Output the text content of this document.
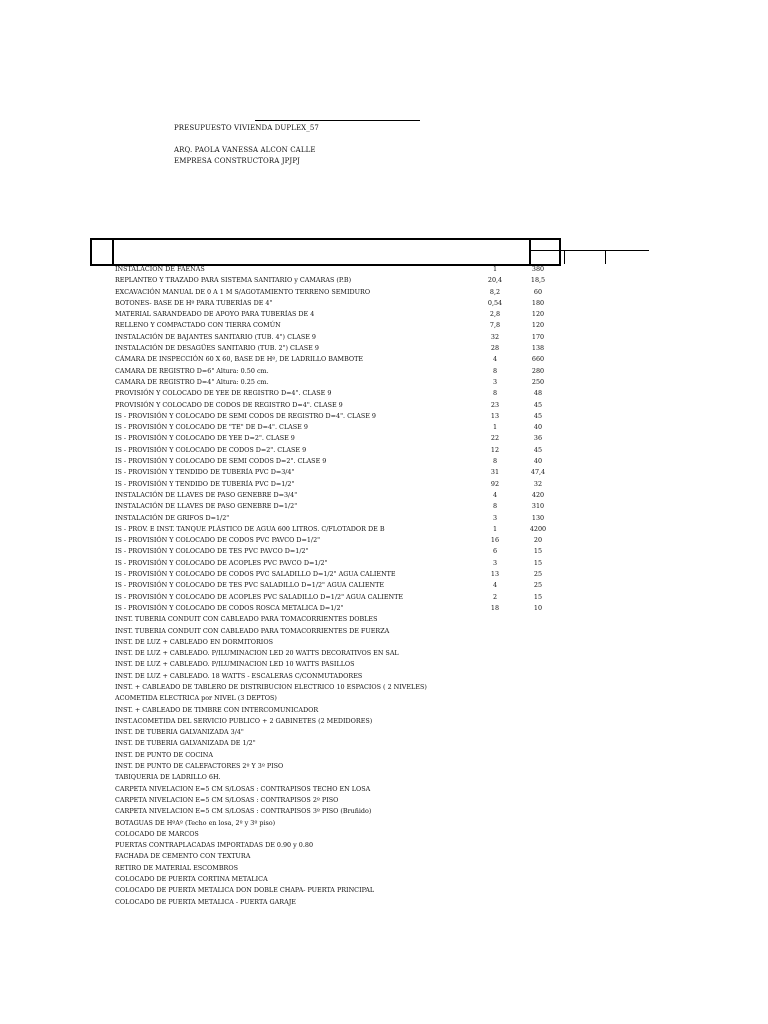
PRESUPUESTO VIVIENDA DUPLEX_57
ARQ. PAOLA VANESSA ALCON CALLE
EMPRESA CONSTRUCTORA JPJPJ
INSTALACION DE FAENAS	1	380
REPLANTEO Y TRAZADO PARA SISTEMA SANITARIO y CAMARAS (P.B)	20,4	18,5
EXCAVACIÓN MANUAL DE 0 A 1 M S/AGOTAMIENTO TERRENO SEMIDURO	8,2	60
BOTONES- BASE DE Hº PARA TUBERÍAS DE 4"	0,54	180
MATERIAL SARANDEADO DE APOYO PARA TUBERÍAS DE 4	2,8	120
RELLENO Y COMPACTADO CON TIERRA COMÚN	7,8	120
INSTALACIÓN DE BAJANTES SANITARIO (TUB. 4") CLASE 9	32	170
INSTALACIÓN DE DESAGÜES SANITARIO (TUB. 2") CLASE 9	28	138
CÁMARA DE INSPECCIÓN 60 X 60, BASE DE Hº, DE LADRILLO BAMBOTE	4	660
CAMARA DE REGISTRO D=6" Altura: 0.50 cm.	8	280
CAMARA DE REGISTRO D=4" Altura: 0.25 cm.	3	250
PROVISIÓN Y COLOCADO DE YEE DE REGISTRO D=4". CLASE 9	8	48
PROVISIÓN Y COLOCADO DE CODOS DE REGISTRO D=4". CLASE 9	23	45
IS - PROVISIÓN Y COLOCADO DE SEMI CODOS DE REGISTRO D=4". CLASE 9	13	45
IS - PROVISIÓN Y COLOCADO DE "TE" DE D=4". CLASE 9	1	40
IS - PROVISIÓN Y COLOCADO DE YEE D=2". CLASE 9	22	36
IS - PROVISIÓN Y COLOCADO DE CODOS D=2". CLASE 9	12	45
IS - PROVISIÓN Y COLOCADO DE SEMI CODOS D=2". CLASE 9	8	40
IS - PROVISIÓN Y TENDIDO DE TUBERÍA PVC D=3/4"	31	47,4
IS - PROVISIÓN Y TENDIDO DE TUBERÍA PVC D=1/2"	92	32
INSTALACIÓN DE LLAVES DE PASO GENEBRE D=3/4"	4	420
INSTALACIÓN DE LLAVES DE PASO GENEBRE D=1/2"	8	310
INSTALACIÓN DE GRIFOS D=1/2"	3	130
IS - PROV. E INST. TANQUE PLÁSTICO DE AGUA 600 LITROS. C/FLOTADOR DE B	1	4200
IS - PROVISIÓN Y COLOCADO DE CODOS PVC PAVCO D=1/2"	16	20
IS - PROVISIÓN Y COLOCADO DE TES PVC PAVCO D=1/2"	6	15
IS - PROVISIÓN Y COLOCADO DE ACOPLES PVC PAVCO D=1/2"	3	15
IS - PROVISIÓN Y COLOCADO DE CODOS PVC SALADILLO D=1/2" AGUA CALIENTE	13	25
IS - PROVISIÓN Y COLOCADO DE TES PVC SALADILLO D=1/2" AGUA CALIENTE	4	25
IS - PROVISIÓN Y COLOCADO DE ACOPLES PVC SALADILLO D=1/2" AGUA CALIENTE	2	15
IS - PROVISIÓN Y COLOCADO DE CODOS ROSCA METALICA D=1/2"	18	10
INST. TUBERIA CONDUIT CON CABLEADO PARA TOMACORRIENTES DOBLES
INST. TUBERIA CONDUIT CON CABLEADO PARA TOMACORRIENTES DE FUERZA
INST. DE LUZ + CABLEADO EN DORMITORIOS
INST. DE LUZ + CABLEADO. P/ILUMINACION LED 20 WATTS DECORATIVOS EN SAL
INST. DE LUZ + CABLEADO. P/ILUMINACION LED 10 WATTS PASILLOS
INST. DE LUZ + CABLEADO. 18 WATTS - ESCALERAS C/CONMUTADORES
INST. + CABLEADO DE TABLERO DE DISTRIBUCION ELECTRICO 10 ESPACIOS ( 2 NIVELES)
ACOMETIDA ELECTRICA por NIVEL (3 DEPTOS)
INST. + CABLEADO DE TIMBRE CON INTERCOMUNICADOR
INST.ACOMETIDA DEL SERVICIO PUBLICO + 2 GABINETES (2 MEDIDORES)
INST. DE TUBERIA GALVANIZADA 3/4"
INST. DE TUBERIA GALVANIZADA DE 1/2"
INST. DE PUNTO DE COCINA
INST. DE PUNTO DE CALEFACTORES 2º Y 3º PISO
TABIQUERIA DE LADRILLO 6H.
CARPETA NIVELACION E=5 CM S/LOSAS : CONTRAPISOS TECHO EN LOSA
CARPETA NIVELACION E=5 CM S/LOSAS : CONTRAPISOS 2º PISO
CARPETA NIVELACION E=5 CM S/LOSAS : CONTRAPISOS 3º PISO (Bruñido)
BOTAGUAS DE HºAº (Techo en losa, 2º y 3º piso)
COLOCADO DE MARCOS
PUERTAS CONTRAPLACADAS IMPORTADAS DE 0.90 y 0.80
FACHADA DE CEMENTO CON TEXTURA
RETIRO DE MATERIAL ESCOMBROS
COLOCADO DE PUERTA CORTINA METALICA
COLOCADO DE PUERTA METALICA DON DOBLE CHAPA- PUERTA PRINCIPAL
COLOCADO DE PUERTA METALICA - PUERTA GARAJE
